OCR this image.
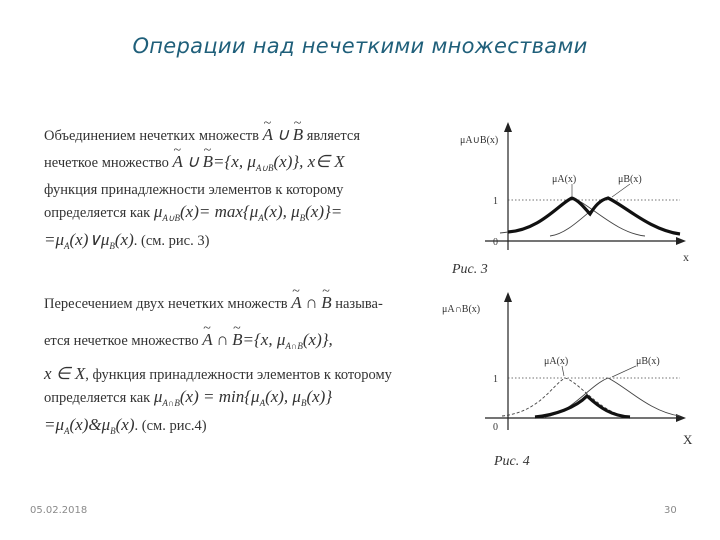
Операции над нечеткими множествами
Объединением нечетких множеств ~ A ∪ ~ B является
нечеткое множество ~ A ∪ ~ B={x, $\mu_{A\cup B}(x)$}, x∈ X
функция принадлежности элементов к которому
определяется как $\mu_{A\cup B}(x)= \max\{\mu_A(x)$, $\mu_B(x)\}=$
$=\mu_A(x)\vee\mu_B(x)$. (см. рис. 3)
Пересечением двух нечетких множеств ~ A ∩ ~ B называ-
ется нечеткое множество ~ A ∩ ~ B={x, $\mu_{A\cap B}(x)$},
x ∈ X, функция принадлежности элементов к которому
определяется как $\mu_{A\cap B}(x) = \min\{\mu_A(x)$, $\mu_B(x)$}
$=\mu_A(x)\&\mu_B(x)$. (см. рис.4)
μA∪B(x)
μA(x)	μB(x)
1
0
x
Рис. 3
μA∩B(x)
μA(x)	μB(x)
1
0
X
Рис. 4
05.02.2018	30
